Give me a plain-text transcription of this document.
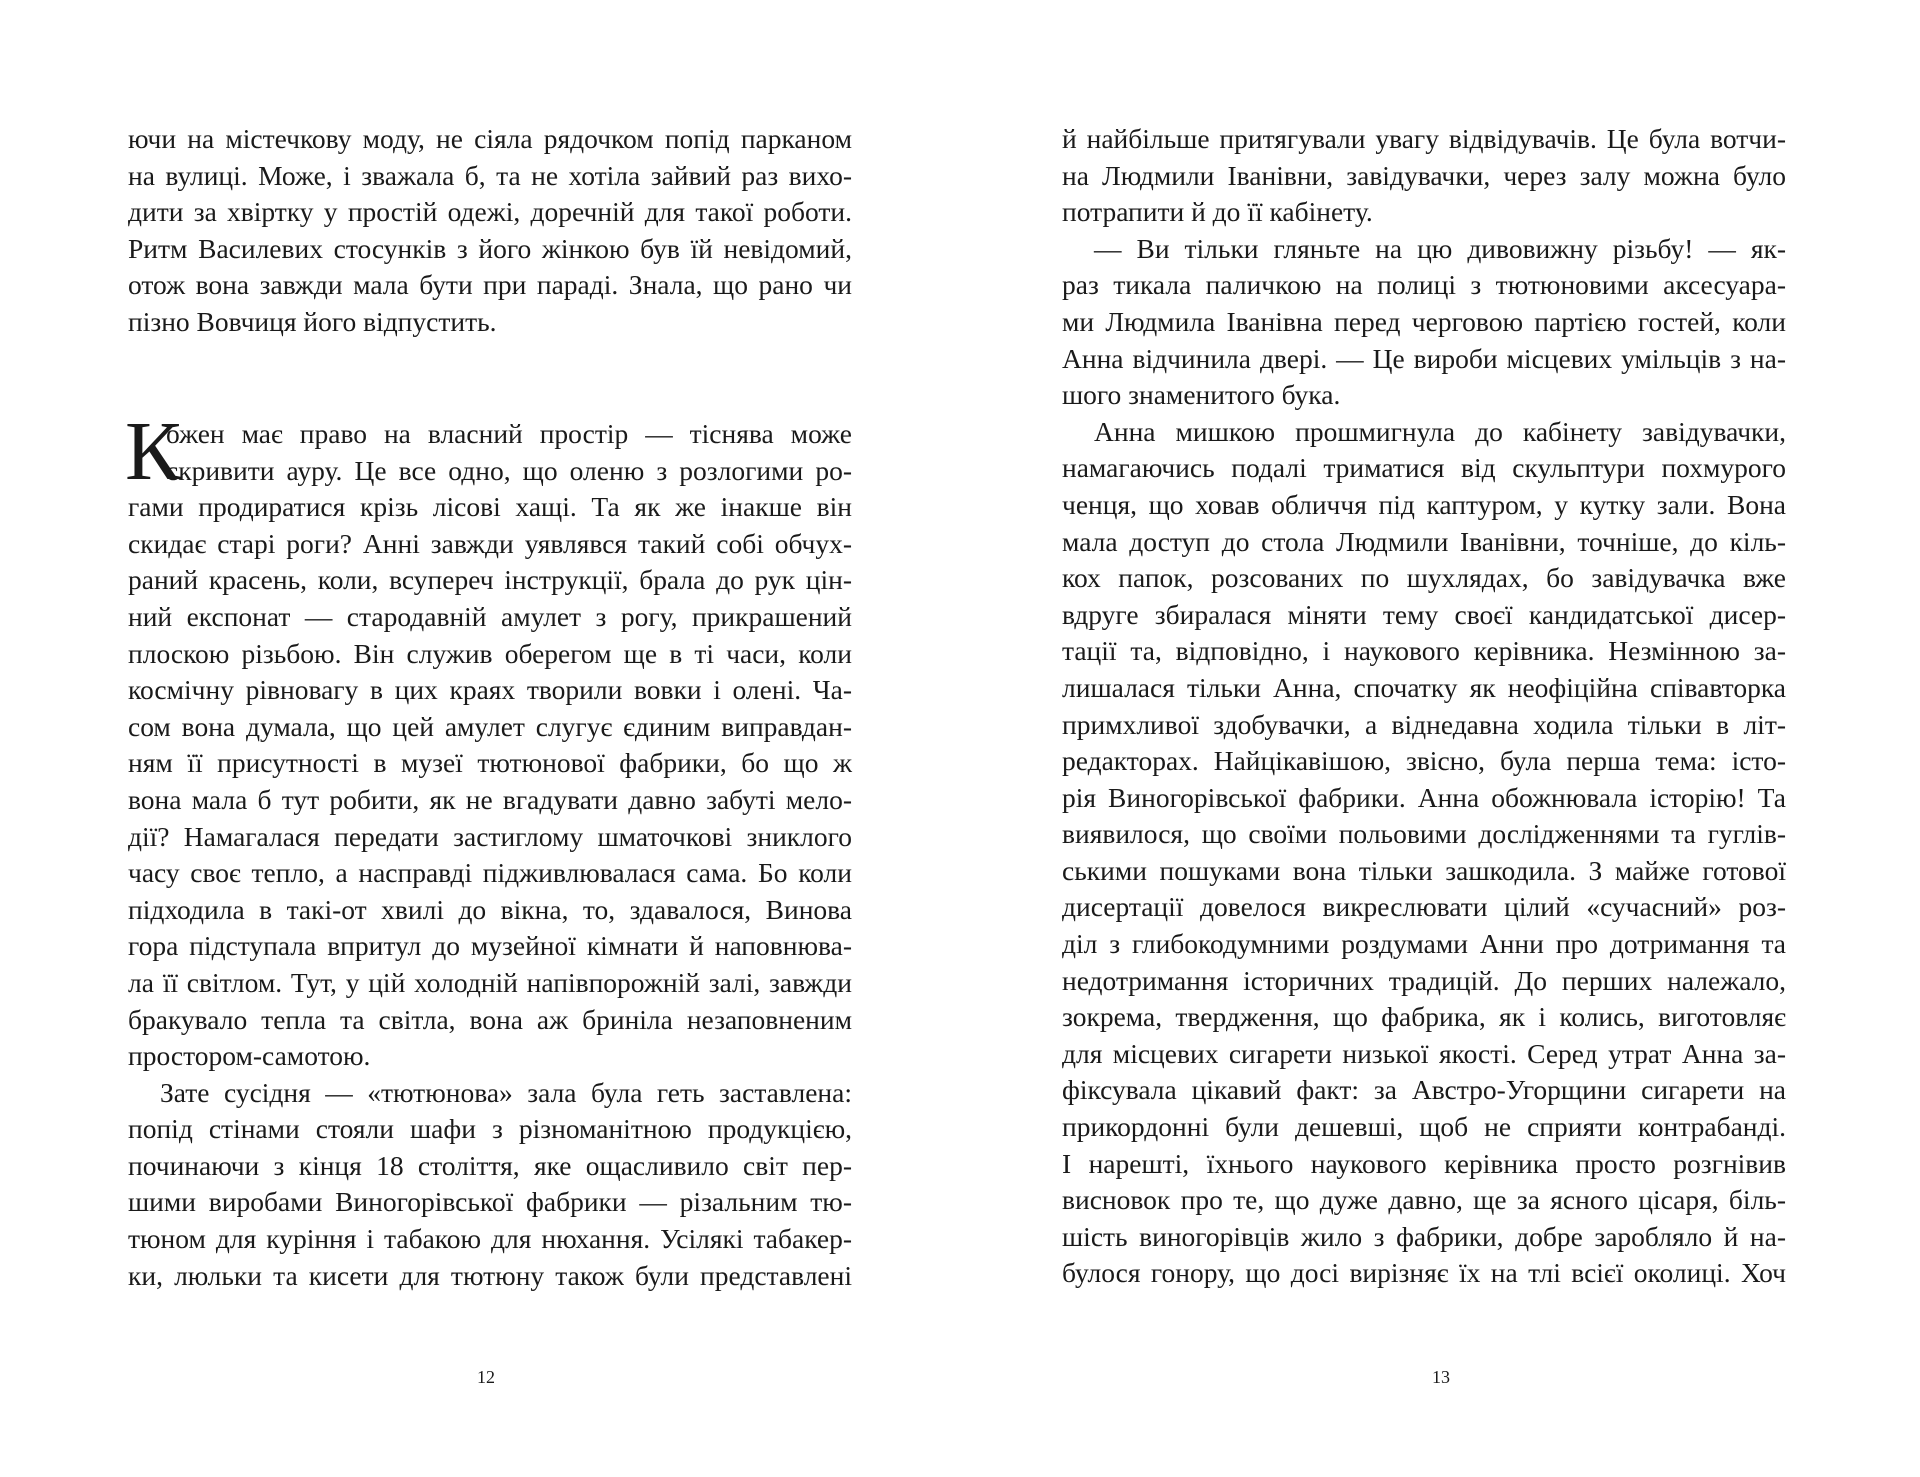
ючи на містечкову моду, не сіяла рядочком попід парканом
на вулиці. Може, і зважала б, та не хотіла зайвий раз вихо-
дити за хвіртку у простій одежі, доречній для такої роботи.
Ритм Василевих стосунків з його жінкою був їй невідомий,
отож вона завжди мала бути при параді. Знала, що рано чи
пізно Вовчиця його відпустить.
К
ожен має право на власний простір — тіснява може
скривити ауру. Це все одно, що оленю з розлогими ро-
гами продиратися крізь лісові хащі. Та як же інакше він
скидає старі роги? Анні завжди уявлявся такий собі обчух-
раний красень, коли, всупереч інструкції, брала до рук цін-
ний експонат — стародавній амулет з рогу, прикрашений
плоскою різьбою. Він служив оберегом ще в ті часи, коли
космічну рівновагу в цих краях творили вовки і олені. Ча-
сом вона думала, що цей амулет слугує єдиним виправдан-
ням її присутності в музеї тютюнової фабрики, бо що ж
вона мала б тут робити, як не вгадувати давно забуті мело-
дії? Намагалася передати застиглому шматочкові зниклого
часу своє тепло, а насправді підживлювалася сама. Бо коли
підходила в такі-от хвилі до вікна, то, здавалося, Винова
гора підступала впритул до музейної кімнати й наповнюва-
ла її світлом. Тут, у цій холодній напівпорожній залі, завжди
бракувало тепла та світла, вона аж бриніла незаповненим
простором-самотою.
Зате сусідня — «тютюнова» зала була геть заставлена:
попід стінами стояли шафи з різноманітною продукцією,
починаючи з кінця 18 століття, яке ощасливило світ пер-
шими виробами Виногорівської фабрики — різальним тю-
тюном для куріння і табакою для нюхання. Усілякі табакер-
ки, люльки та кисети для тютюну також були представлені
12
й найбільше притягували увагу відвідувачів. Це була вотчи-
на Людмили Іванівни, завідувачки, через залу можна було
потрапити й до її кабінету.
— Ви тільки гляньте на цю дивовижну різьбу! — як-
раз тикала паличкою на полиці з тютюновими аксесуара-
ми Людмила Іванівна перед черговою партією гостей, коли
Анна відчинила двері. — Це вироби місцевих умільців з на-
шого знаменитого бука.
Анна мишкою прошмигнула до кабінету завідувачки,
намагаючись подалі триматися від скульптури похмурого
ченця, що ховав обличчя під каптуром, у кутку зали. Вона
мала доступ до стола Людмили Іванівни, точніше, до кіль-
кох папок, розсованих по шухлядах, бо завідувачка вже
вдруге збиралася міняти тему своєї кандидатської дисер-
тації та, відповідно, і наукового керівника. Незмінною за-
лишалася тільки Анна, спочатку як неофіційна співавторка
примхливої здобувачки, а віднедавна ходила тільки в літ-
редакторах. Найцікавішою, звісно, була перша тема: істо-
рія Виногорівської фабрики. Анна обожнювала історію! Та
виявилося, що своїми польовими дослідженнями та гуглів-
ськими пошуками вона тільки зашкодила. З майже готової
дисертації довелося викреслювати цілий «сучасний» роз-
діл з глибокодумними роздумами Анни про дотримання та
недотримання історичних традицій. До перших належало,
зокрема, твердження, що фабрика, як і колись, виготовляє
для місцевих сигарети низької якості. Серед утрат Анна за-
фіксувала цікавий факт: за Австро-Угорщини сигарети на
прикордонні були дешевші, щоб не сприяти контрабанді.
І нарешті, їхнього наукового керівника просто розгнівив
висновок про те, що дуже давно, ще за ясного цісаря, біль-
шість виногорівців жило з фабрики, добре заробляло й на-
булося гонору, що досі вирізняє їх на тлі всієї околиці. Хоч
13
